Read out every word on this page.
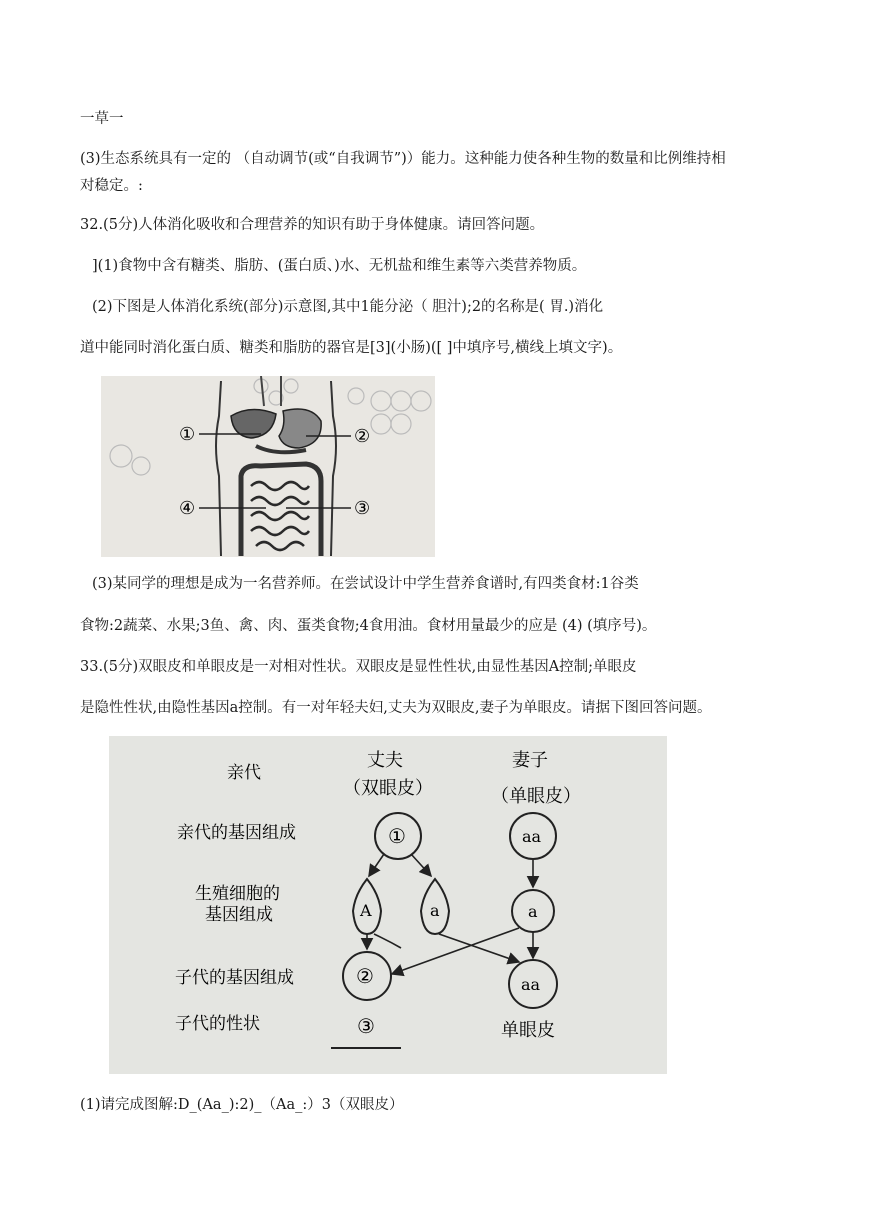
一草一
(3)生态系统具有一定的 （自动调节(或“自我调节”)）能力。这种能力使各种生物的数量和比例维持相
对稳定。:
32.(5分)人体消化吸收和合理营养的知识有助于身体健康。请回答问题。
](1)食物中含有糖类、脂肪、(蛋白质、)水、无机盐和维生素等六类营养物质。
(2)下图是人体消化系统(部分)示意图,其中1能分泌（ 胆汁);2的名称是( 胃.)消化
道中能同时消化蛋白质、糖类和脂肪的器官是[3](小肠)([ ]中填序号,横线上填文字)。
①	②
④	③
(3)某同学的理想是成为一名营养师。在尝试设计中学生营养食谱时,有四类食材:1谷类
食物:2蔬菜、水果;3鱼、禽、肉、蛋类食物;4食用油。食材用量最少的应是 (4) (填序号)。
33.(5分)双眼皮和单眼皮是一对相对性状。双眼皮是显性性状,由显性基因A控制;单眼皮
是隐性性状,由隐性基因a控制。有一对年轻夫妇,丈夫为双眼皮,妻子为单眼皮。请据下图回答问题。
亲代
亲代的基因组成
生殖细胞的
基因组成
子代的基因组成
子代的性状
丈夫
（双眼皮）
妻子
（单眼皮）
①	aa
A	a	a
②	aa
③	单眼皮
(1)请完成图解:D_(Aa_):2)_（Aa_:）3（双眼皮）
